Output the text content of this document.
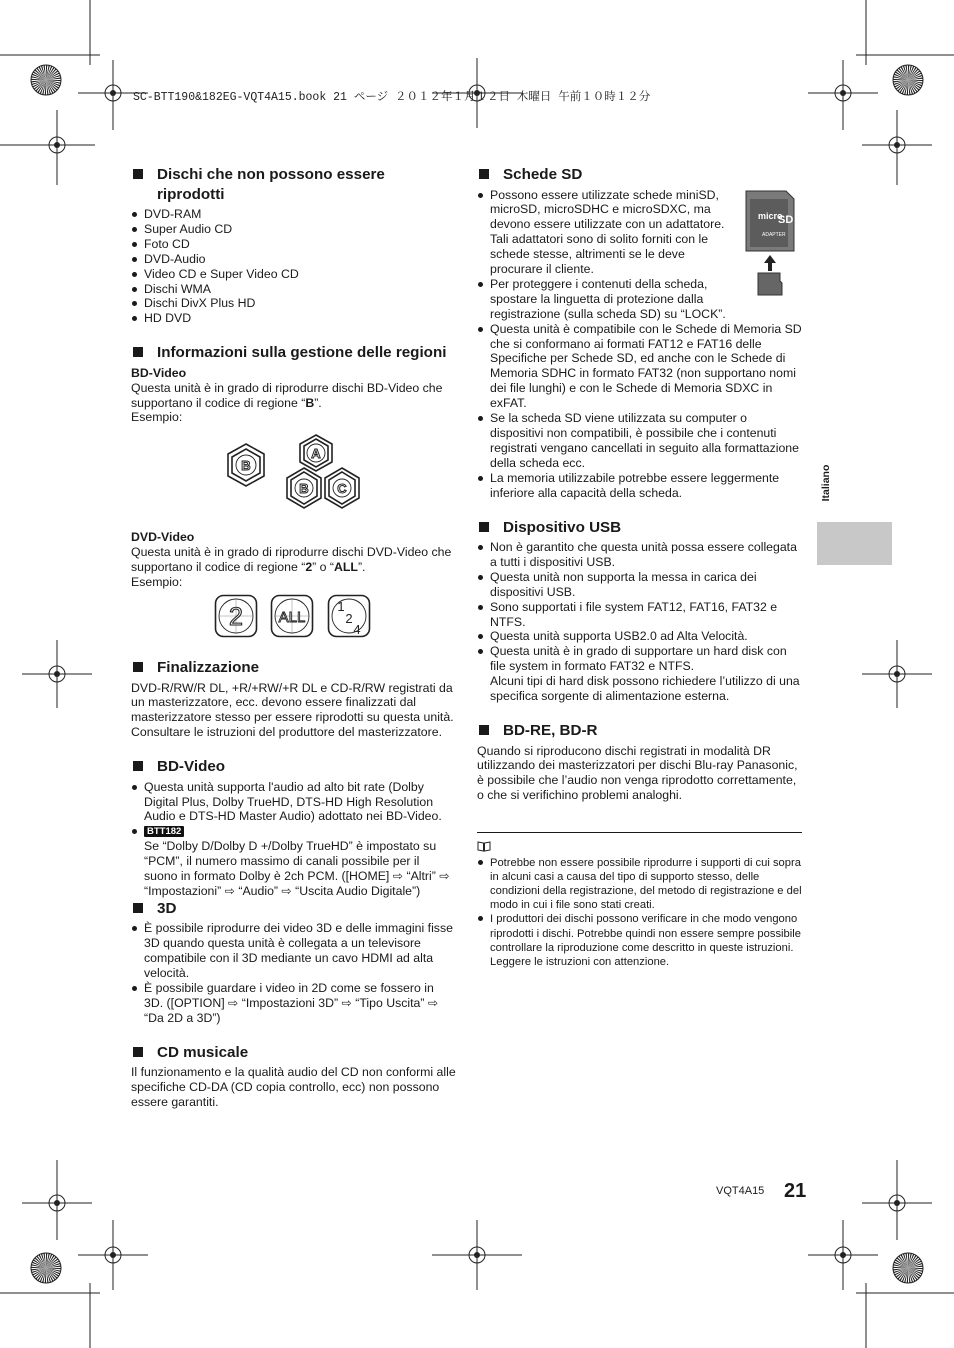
SC-BTT190&182EG-VQT4A15.book 21 ページ ２０１２年１月１２日 木曜日 午前１０時１２分
Dischi che non possono essere riprodotti
DVD-RAM
Super Audio CD
Foto CD
DVD-Audio
Video CD e Super Video CD
Dischi WMA
Dischi DivX Plus HD
HD DVD
Informazioni sulla gestione delle regioni
BD-Video

Questa unità è in grado di riprodurre dischi BD-Video che supportano il codice di regione “B”.

Esempio:

B
A
B C
DVD-Video

Questa unità è in grado di riprodurre dischi DVD-Video che supportano il codice di regione “2” o “ALL”.

Esempio:

2 ALL
1
2
4
Finalizzazione

DVD-R/RW/R DL, +R/+RW/+R DL e CD-R/RW registrati da un masterizzatore, ecc. devono essere finalizzati dal masterizzatore stesso per essere riprodotti su questa unità. Consultare le istruzioni del produttore del masterizzatore.

BD-Video
Questa unità supporta l'audio ad alto bit rate (Dolby Digital Plus, Dolby TrueHD, DTS-HD High Resolution Audio e DTS-HD Master Audio) adottato nei BD-Video.
BTT182
Se “Dolby D/Dolby D +/Dolby TrueHD” è impostato su “PCM”, il numero massimo di canali possibile per il suono in formato Dolby è 2ch PCM. ([HOME] ⇨ “Altri” ⇨ “Impostazioni” ⇨ “Audio” ⇨ “Uscita Audio Digitale”)
3D
È possibile riprodurre dei video 3D e delle immagini fisse 3D quando questa unità è collegata a un televisore compatibile con il 3D mediante un cavo HDMI ad alta velocità.
È possibile guardare i video in 2D come se fossero in 3D. ([OPTION] ⇨ “Impostazioni 3D” ⇨ “Tipo Uscita” ⇨ “Da 2D a 3D”)
CD musicale

Il funzionamento e la qualità audio del CD non conformi alle specifiche CD-DA (CD copia controllo, ecc) non possono essere garantiti.

Schede SD
micro
SD
ADAPTER
Possono essere utilizzate schede miniSD, microSD, microSDHC e microSDXC, ma devono essere utilizzate con un adattatore. Tali adattatori sono di solito forniti con le schede stesse, altrimenti se le deve procurare il cliente.
Per proteggere i contenuti della scheda, spostare la linguetta di protezione dalla registrazione (sulla scheda SD) su “LOCK”.
Questa unità è compatibile con le Schede di Memoria SD che si conformano ai formati FAT12 e FAT16 delle Specifiche per Schede SD, ed anche con le Schede di Memoria SDHC in formato FAT32 (non supportano nomi dei file lunghi) e con le Schede di Memoria SDXC in exFAT.
Se la scheda SD viene utilizzata su computer o dispositivi non compatibili, è possibile che i contenuti registrati vengano cancellati in seguito alla formattazione della scheda ecc.
La memoria utilizzabile potrebbe essere leggermente inferiore alla capacità della scheda.
Dispositivo USB
Non è garantito che questa unità possa essere collegata a tutti i dispositivi USB.
Questa unità non supporta la messa in carica dei dispositivi USB.
Sono supportati i file system FAT12, FAT16, FAT32 e NTFS.
Questa unità supporta USB2.0 ad Alta Velocità.
Questa unità è in grado di supportare un hard disk con file system in formato FAT32 e NTFS.
Alcuni tipi di hard disk possono richiedere l’utilizzo di una specifica sorgente di alimentazione esterna.
BD-RE, BD-R

Quando si riproducono dischi registrati in modalità DR utilizzando dei masterizzatori per dischi Blu-ray Panasonic, è possibile che l’audio non venga riprodotto correttamente, o che si verifichino problemi analoghi.

Potrebbe non essere possibile riprodurre i supporti di cui sopra in alcuni casi a causa del tipo di supporto stesso, delle condizioni della registrazione, del metodo di registrazione e del modo in cui i file sono stati creati.
I produttori dei dischi possono verificare in che modo vengono riprodotti i dischi. Potrebbe quindi non essere sempre possibile controllare la riproduzione come descritto in queste istruzioni. Leggere le istruzioni con attenzione.
Italiano
VQT4A15 21
